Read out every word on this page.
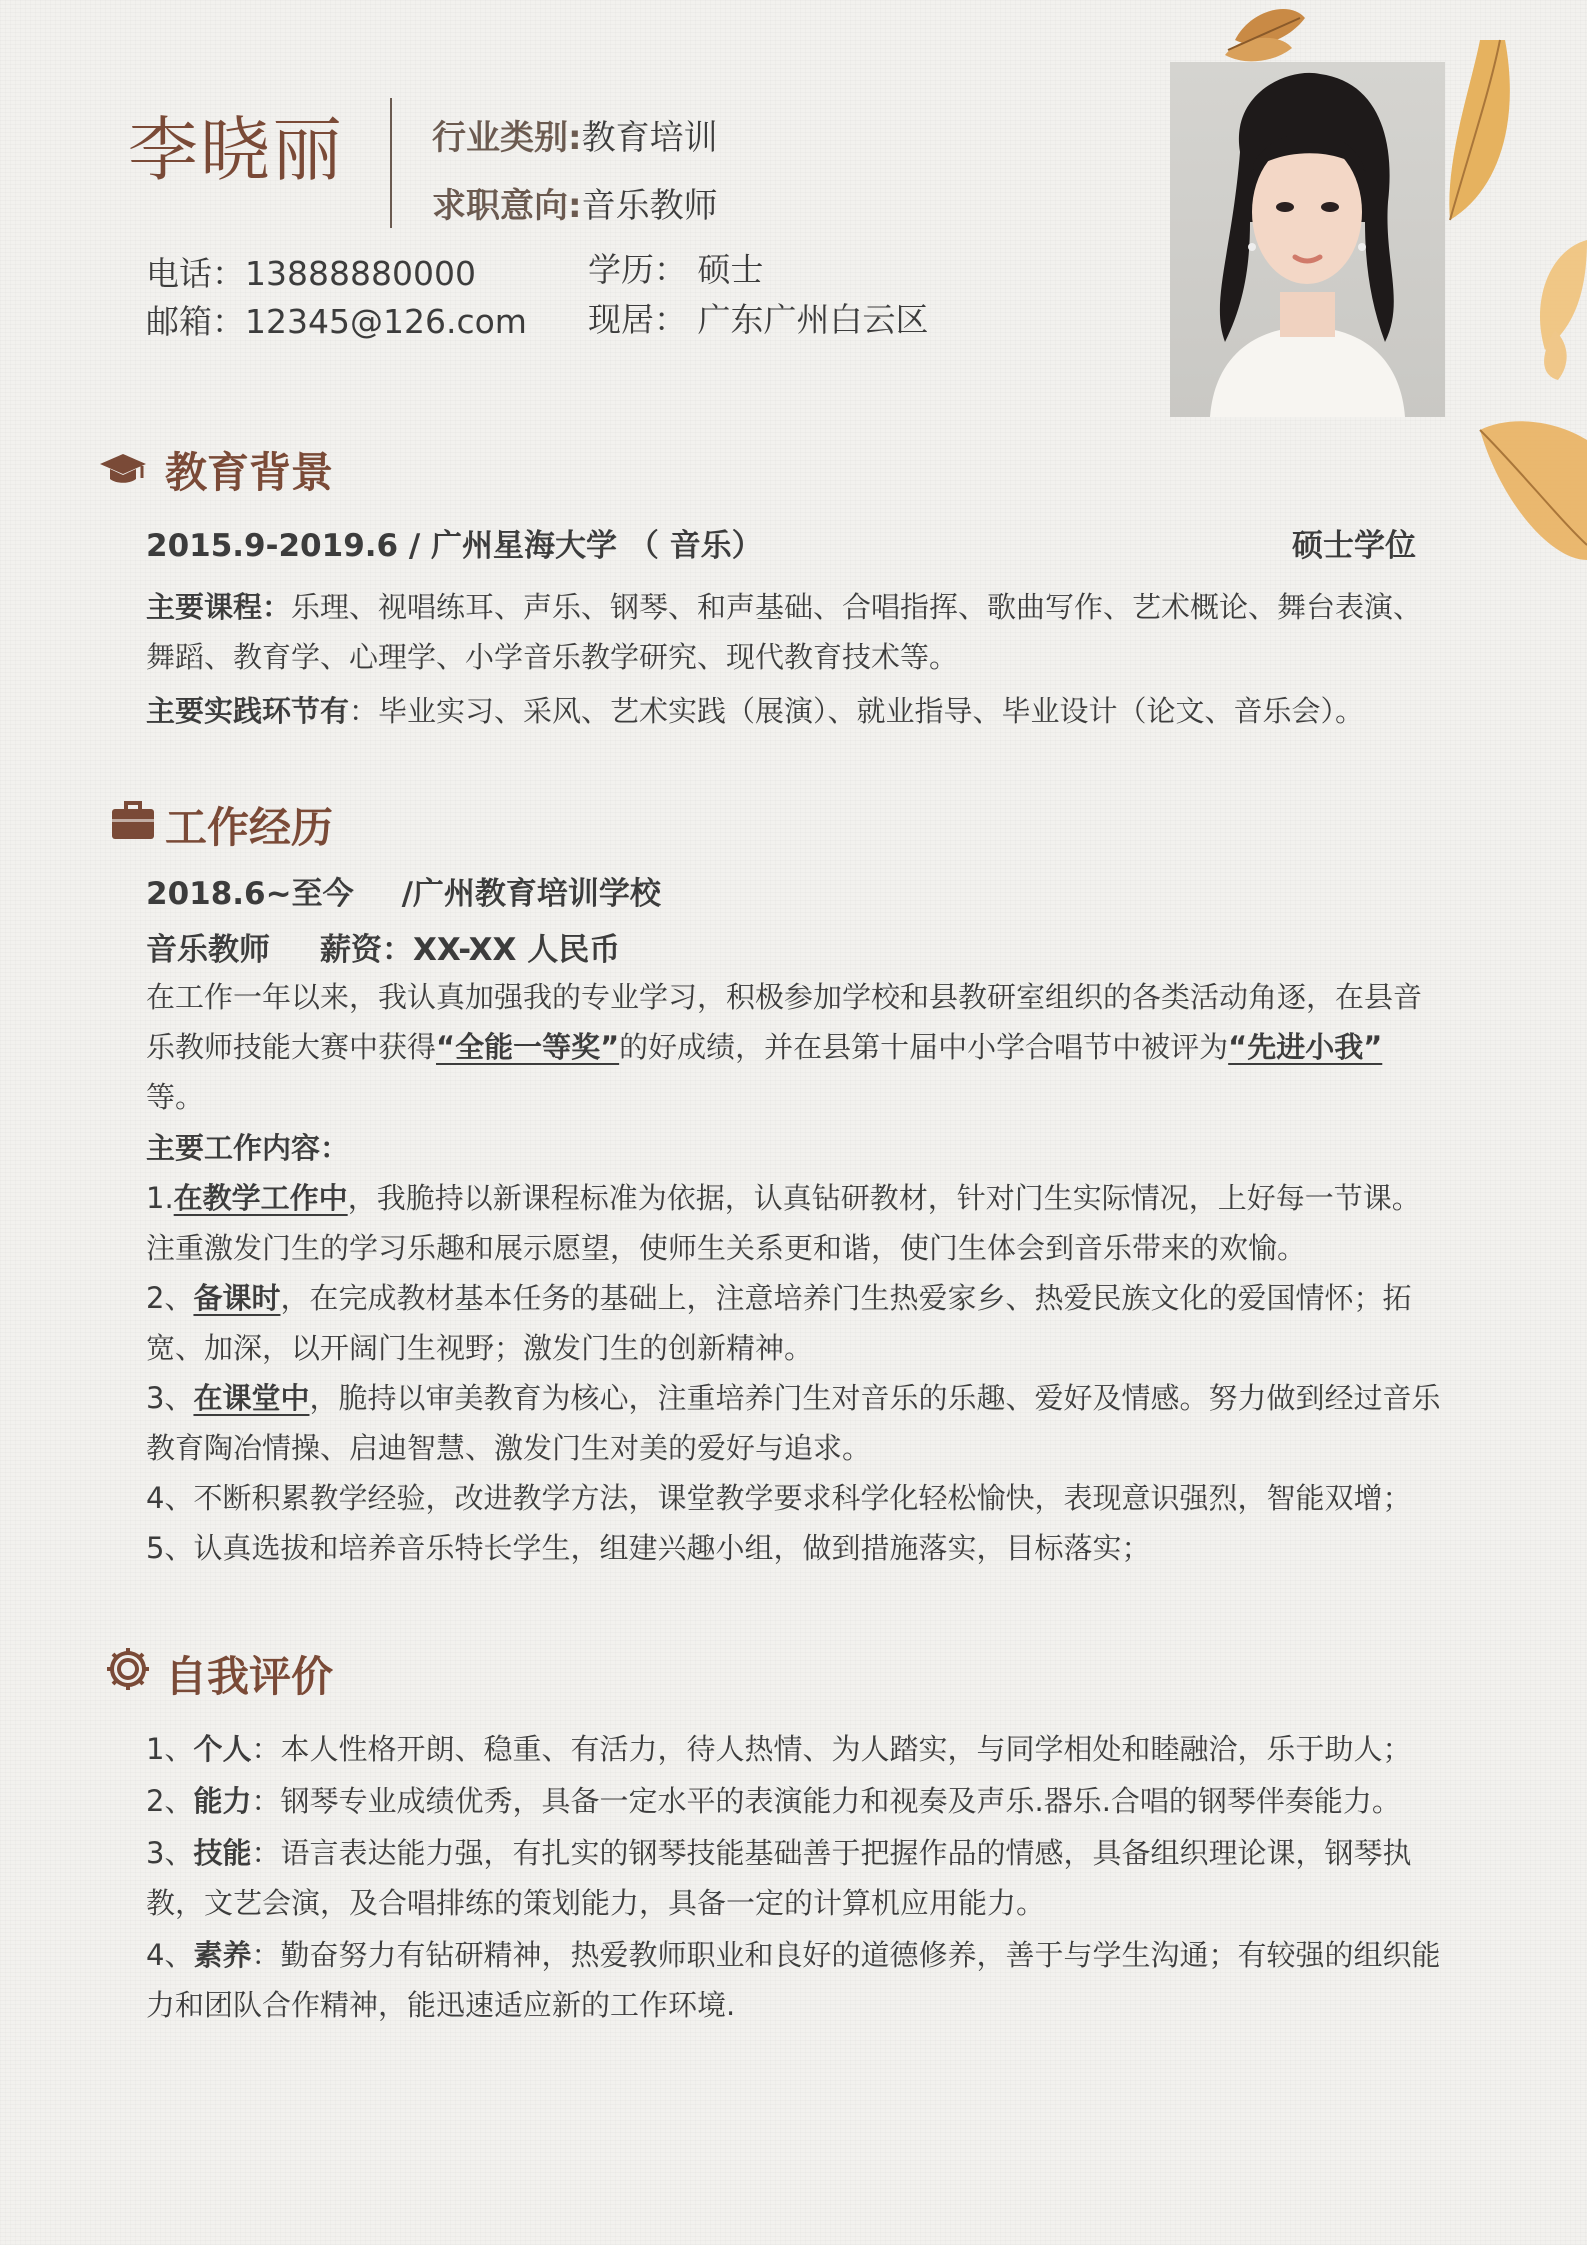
李晓丽	行业类别:教育培训
求职意向:音乐教师
电话：13888880000
邮箱：12345@126.com
学历： 硕士
现居： 广东广州白云区
教育背景
2015.9-2019.6 / 广州星海大学 （ 音乐）	硕士学位

主要课程：乐理、视唱练耳、声乐、钢琴、和声基础、合唱指挥、歌曲写作、艺术概论、舞台表演、舞蹈、教育学、心理学、小学音乐教学研究、现代教育技术等。

主要实践环节有：毕业实习、采风、艺术实践（展演）、就业指导、毕业设计（论文、音乐会）。

工作经历
2018.6~至今 /广州教育培训学校
音乐教师 薪资：XX-XX 人民币

在工作一年以来，我认真加强我的专业学习，积极参加学校和县教研室组织的各类活动角逐，在县音乐教师技能大赛中获得“全能一等奖”的好成绩，并在县第十届中小学合唱节中被评为“先进小我”
等。

主要工作内容：

1.在教学工作中，我脆持以新课程标准为依据，认真钻研教材，针对门生实际情况，上好每一节课。注重激发门生的学习乐趣和展示愿望，使师生关系更和谐，使门生体会到音乐带来的欢愉。

2、备课时，在完成教材基本任务的基础上，注意培养门生热爱家乡、热爱民族文化的爱国情怀；拓宽、加深，以开阔门生视野；激发门生的创新精神。

3、在课堂中，脆持以审美教育为核心，注重培养门生对音乐的乐趣、爱好及情感。努力做到经过音乐教育陶冶情操、启迪智慧、激发门生对美的爱好与追求。

4、不断积累教学经验，改进教学方法，课堂教学要求科学化轻松愉快，表现意识强烈，智能双增；

5、认真选拔和培养音乐特长学生，组建兴趣小组，做到措施落实，目标落实；

自我评价

1、个人：本人性格开朗、稳重、有活力，待人热情、为人踏实，与同学相处和睦融洽，乐于助人；

2、能力：钢琴专业成绩优秀，具备一定水平的表演能力和视奏及声乐.器乐.合唱的钢琴伴奏能力。

3、技能：语言表达能力强，有扎实的钢琴技能基础善于把握作品的情感，具备组织理论课，钢琴执教，文艺会演，及合唱排练的策划能力，具备一定的计算机应用能力。

4、素养：勤奋努力有钻研精神，热爱教师职业和良好的道德修养，善于与学生沟通；有较强的组织能力和团队合作精神，能迅速适应新的工作环境.
